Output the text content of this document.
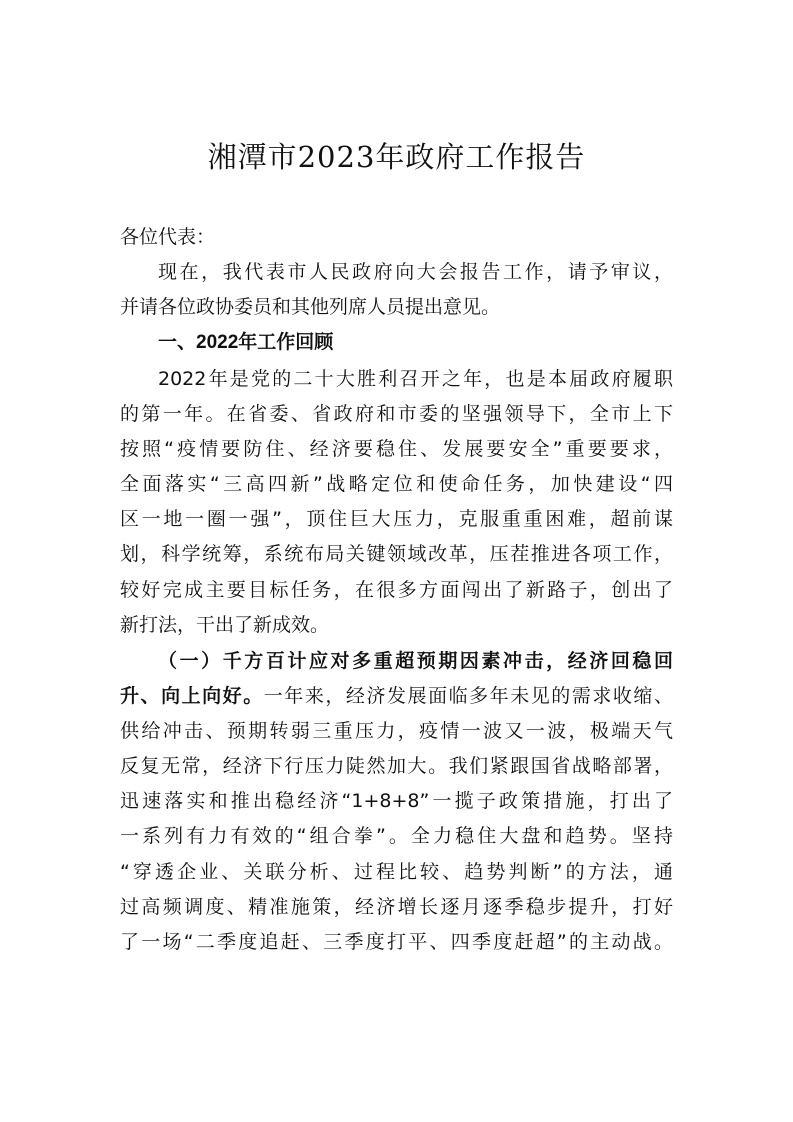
湘潭市2023年政府工作报告
各位代表：
现在，我代表市人民政府向大会报告工作，请予审议，
并请各位政协委员和其他列席人员提出意见。
一、2022年工作回顾
2022年是党的二十大胜利召开之年，也是本届政府履职
的第一年。在省委、省政府和市委的坚强领导下，全市上下
按照“疫情要防住、经济要稳住、发展要安全”重要要求，
全面落实“三高四新”战略定位和使命任务，加快建设“四
区一地一圈一强”，顶住巨大压力，克服重重困难，超前谋
划，科学统筹，系统布局关键领域改革，压茬推进各项工作，
较好完成主要目标任务，在很多方面闯出了新路子，创出了
新打法，干出了新成效。
（一）千方百计应对多重超预期因素冲击，经济回稳回
升、向上向好。一年来，经济发展面临多年未见的需求收缩、
供给冲击、预期转弱三重压力，疫情一波又一波，极端天气
反复无常，经济下行压力陡然加大。我们紧跟国省战略部署，
迅速落实和推出稳经济“1+8+8”一揽子政策措施，打出了
一系列有力有效的“组合拳”。全力稳住大盘和趋势。坚持
“穿透企业、关联分析、过程比较、趋势判断”的方法，通
过高频调度、精准施策，经济增长逐月逐季稳步提升，打好
了一场“二季度追赶、三季度打平、四季度赶超”的主动战。
